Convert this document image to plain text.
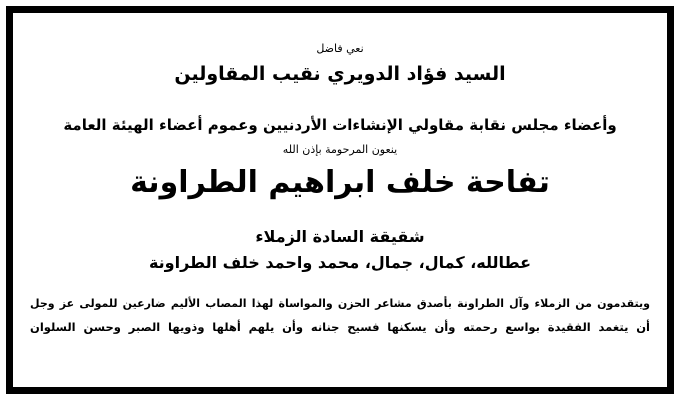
نعي فاضل
السيد فؤاد الدويري نقيب المقاولين
وأعضاء مجلس نقابة مقاولي الإنشاءات الأردنيين وعموم أعضاء الهيئة العامة
ينعون المرحومة بإذن الله
تفاحة خلف ابراهيم الطراونة
شقيقة السادة الزملاء
عطالله، كمال، جمال، محمد واحمد خلف الطراونة
ويتقدمون من الزملاء وآل الطراونة بأصدق مشاعر الحزن والمواساة لهذا المصاب الأليم ضارعين للمولى عز وجل
أن يتغمد الفقيدة بواسع رحمته وأن يسكنها فسيح جنانه وأن يلهم أهلها وذويها الصبر وحسن السلوان
